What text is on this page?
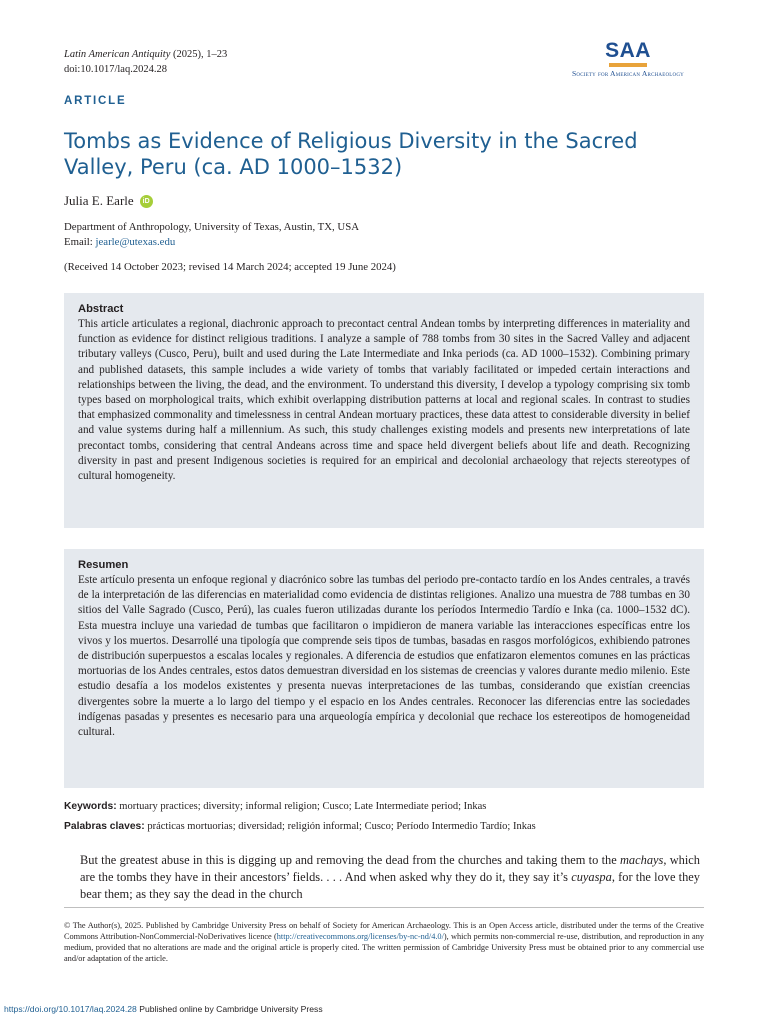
Latin American Antiquity (2025), 1–23
doi:10.1017/laq.2024.28
SAA
Society for American Archaeology
ARTICLE
Tombs as Evidence of Religious Diversity in the Sacred Valley, Peru (ca. AD 1000–1532)
Julia E. Earle iD
Department of Anthropology, University of Texas, Austin, TX, USA
Email: jearle@utexas.edu
(Received 14 October 2023; revised 14 March 2024; accepted 19 June 2024)
Abstract

This article articulates a regional, diachronic approach to precontact central Andean tombs by interpreting differences in materiality and function as evidence for distinct religious traditions. I analyze a sample of 788 tombs from 30 sites in the Sacred Valley and adjacent tributary valleys (Cusco, Peru), built and used during the Late Intermediate and Inka periods (ca. AD 1000–1532). Combining primary and published datasets, this sample includes a wide variety of tombs that variably facilitated or impeded certain interactions and relationships between the living, the dead, and the environment. To understand this diversity, I develop a typology comprising six tomb types based on morphological traits, which exhibit overlapping distribution patterns at local and regional scales. In contrast to studies that emphasized commonality and timelessness in central Andean mortuary practices, these data attest to considerable diversity in belief and value systems during half a millennium. As such, this study challenges existing models and presents new interpretations of late precontact tombs, considering that central Andeans across time and space held divergent beliefs about life and death. Recognizing diversity in past and present Indigenous societies is required for an empirical and decolonial archaeology that rejects stereotypes of cultural homogeneity.

Resumen

Este artículo presenta un enfoque regional y diacrónico sobre las tumbas del periodo pre-contacto tardío en los Andes centrales, a través de la interpretación de las diferencias en materialidad como evidencia de distintas religiones. Analizo una muestra de 788 tumbas en 30 sitios del Valle Sagrado (Cusco, Perú), las cuales fueron utilizadas durante los períodos Intermedio Tardío e Inka (ca. 1000–1532 dC). Esta muestra incluye una variedad de tumbas que facilitaron o impidieron de manera variable las interacciones específicas entre los vivos y los muertos. Desarrollé una tipología que comprende seis tipos de tumbas, basadas en rasgos morfológicos, exhibiendo patrones de distribución superpuestos a escalas locales y regionales. A diferencia de estudios que enfatizaron elementos comunes en las prácticas mortuorias de los Andes centrales, estos datos demuestran diversidad en los sistemas de creencias y valores durante medio milenio. Este estudio desafía a los modelos existentes y presenta nuevas interpretaciones de las tumbas, considerando que existían creencias divergentes sobre la muerte a lo largo del tiempo y el espacio en los Andes centrales. Reconocer las diferencias entre las sociedades indígenas pasadas y presentes es necesario para una arqueología empírica y decolonial que rechace los estereotipos de homogeneidad cultural.

Keywords: mortuary practices; diversity; informal religion; Cusco; Late Intermediate period; Inkas
Palabras claves: prácticas mortuorias; diversidad; religión informal; Cusco; Período Intermedio Tardío; Inkas
But the greatest abuse in this is digging up and removing the dead from the churches and taking them to the machays, which are the tombs they have in their ancestors’ fields. . . . And when asked why they do it, they say it’s cuyaspa, for the love they bear them; as they say the dead in the church
© The Author(s), 2025. Published by Cambridge University Press on behalf of Society for American Archaeology. This is an Open Access article, distributed under the terms of the Creative Commons Attribution-NonCommercial-NoDerivatives licence (http://creativecommons.org/licenses/by-nc-nd/4.0/), which permits non-commercial re-use, distribution, and reproduction in any medium, provided that no alterations are made and the original article is properly cited. The written permission of Cambridge University Press must be obtained prior to any commercial use and/or adaptation of the article.
https://doi.org/10.1017/laq.2024.28 Published online by Cambridge University Press
